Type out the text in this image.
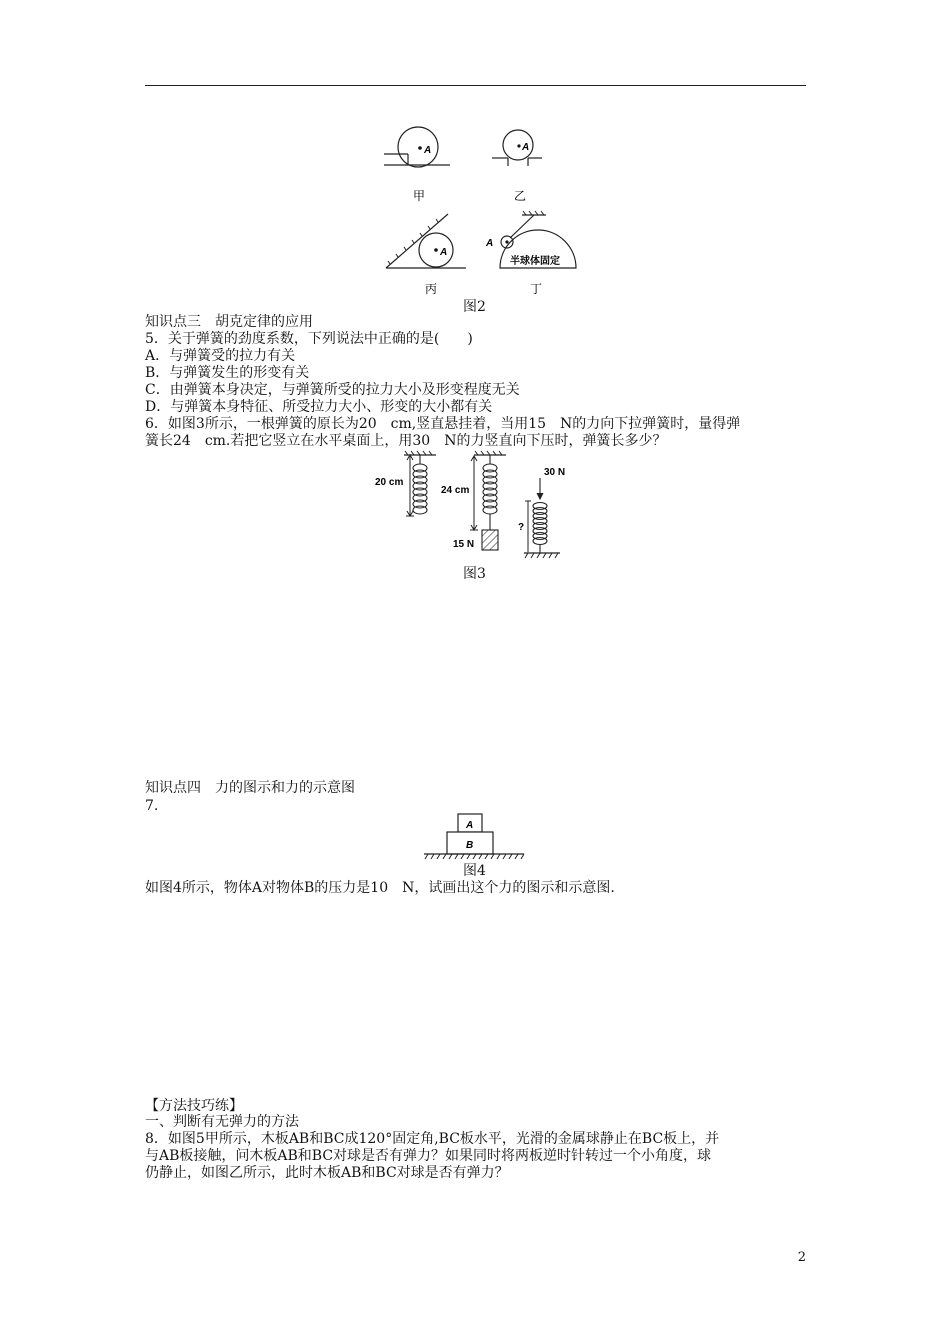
A
甲
A
乙
A
丙
A
半球体固定
丁
图2
知识点三　胡克定律的应用
5．关于弹簧的劲度系数，下列说法中正确的是(　　)
A．与弹簧受的拉力有关
B．与弹簧发生的形变有关
C．由弹簧本身决定，与弹簧所受的拉力大小及形变程度无关
D．与弹簧本身特征、所受拉力大小、形变的大小都有关
6．如图3所示，一根弹簧的原长为20　cm,竖直悬挂着，当用15　N的力向下拉弹簧时，量得弹
簧长24　cm.若把它竖立在水平桌面上，用30　N的力竖直向下压时，弹簧长多少？
20 cm
24 cm
15 N
30 N
?
图3
知识点四　力的图示和力的示意图
7.
A
B
图4
如图4所示，物体A对物体B的压力是10　N，试画出这个力的图示和示意图.
【方法技巧练】
一、判断有无弹力的方法
8．如图5甲所示，木板AB和BC成120°固定角,BC板水平，光滑的金属球静止在BC板上，并
与AB板接触，问木板AB和BC对球是否有弹力？如果同时将两板逆时针转过一个小角度，球
仍静止，如图乙所示，此时木板AB和BC对球是否有弹力？
2
